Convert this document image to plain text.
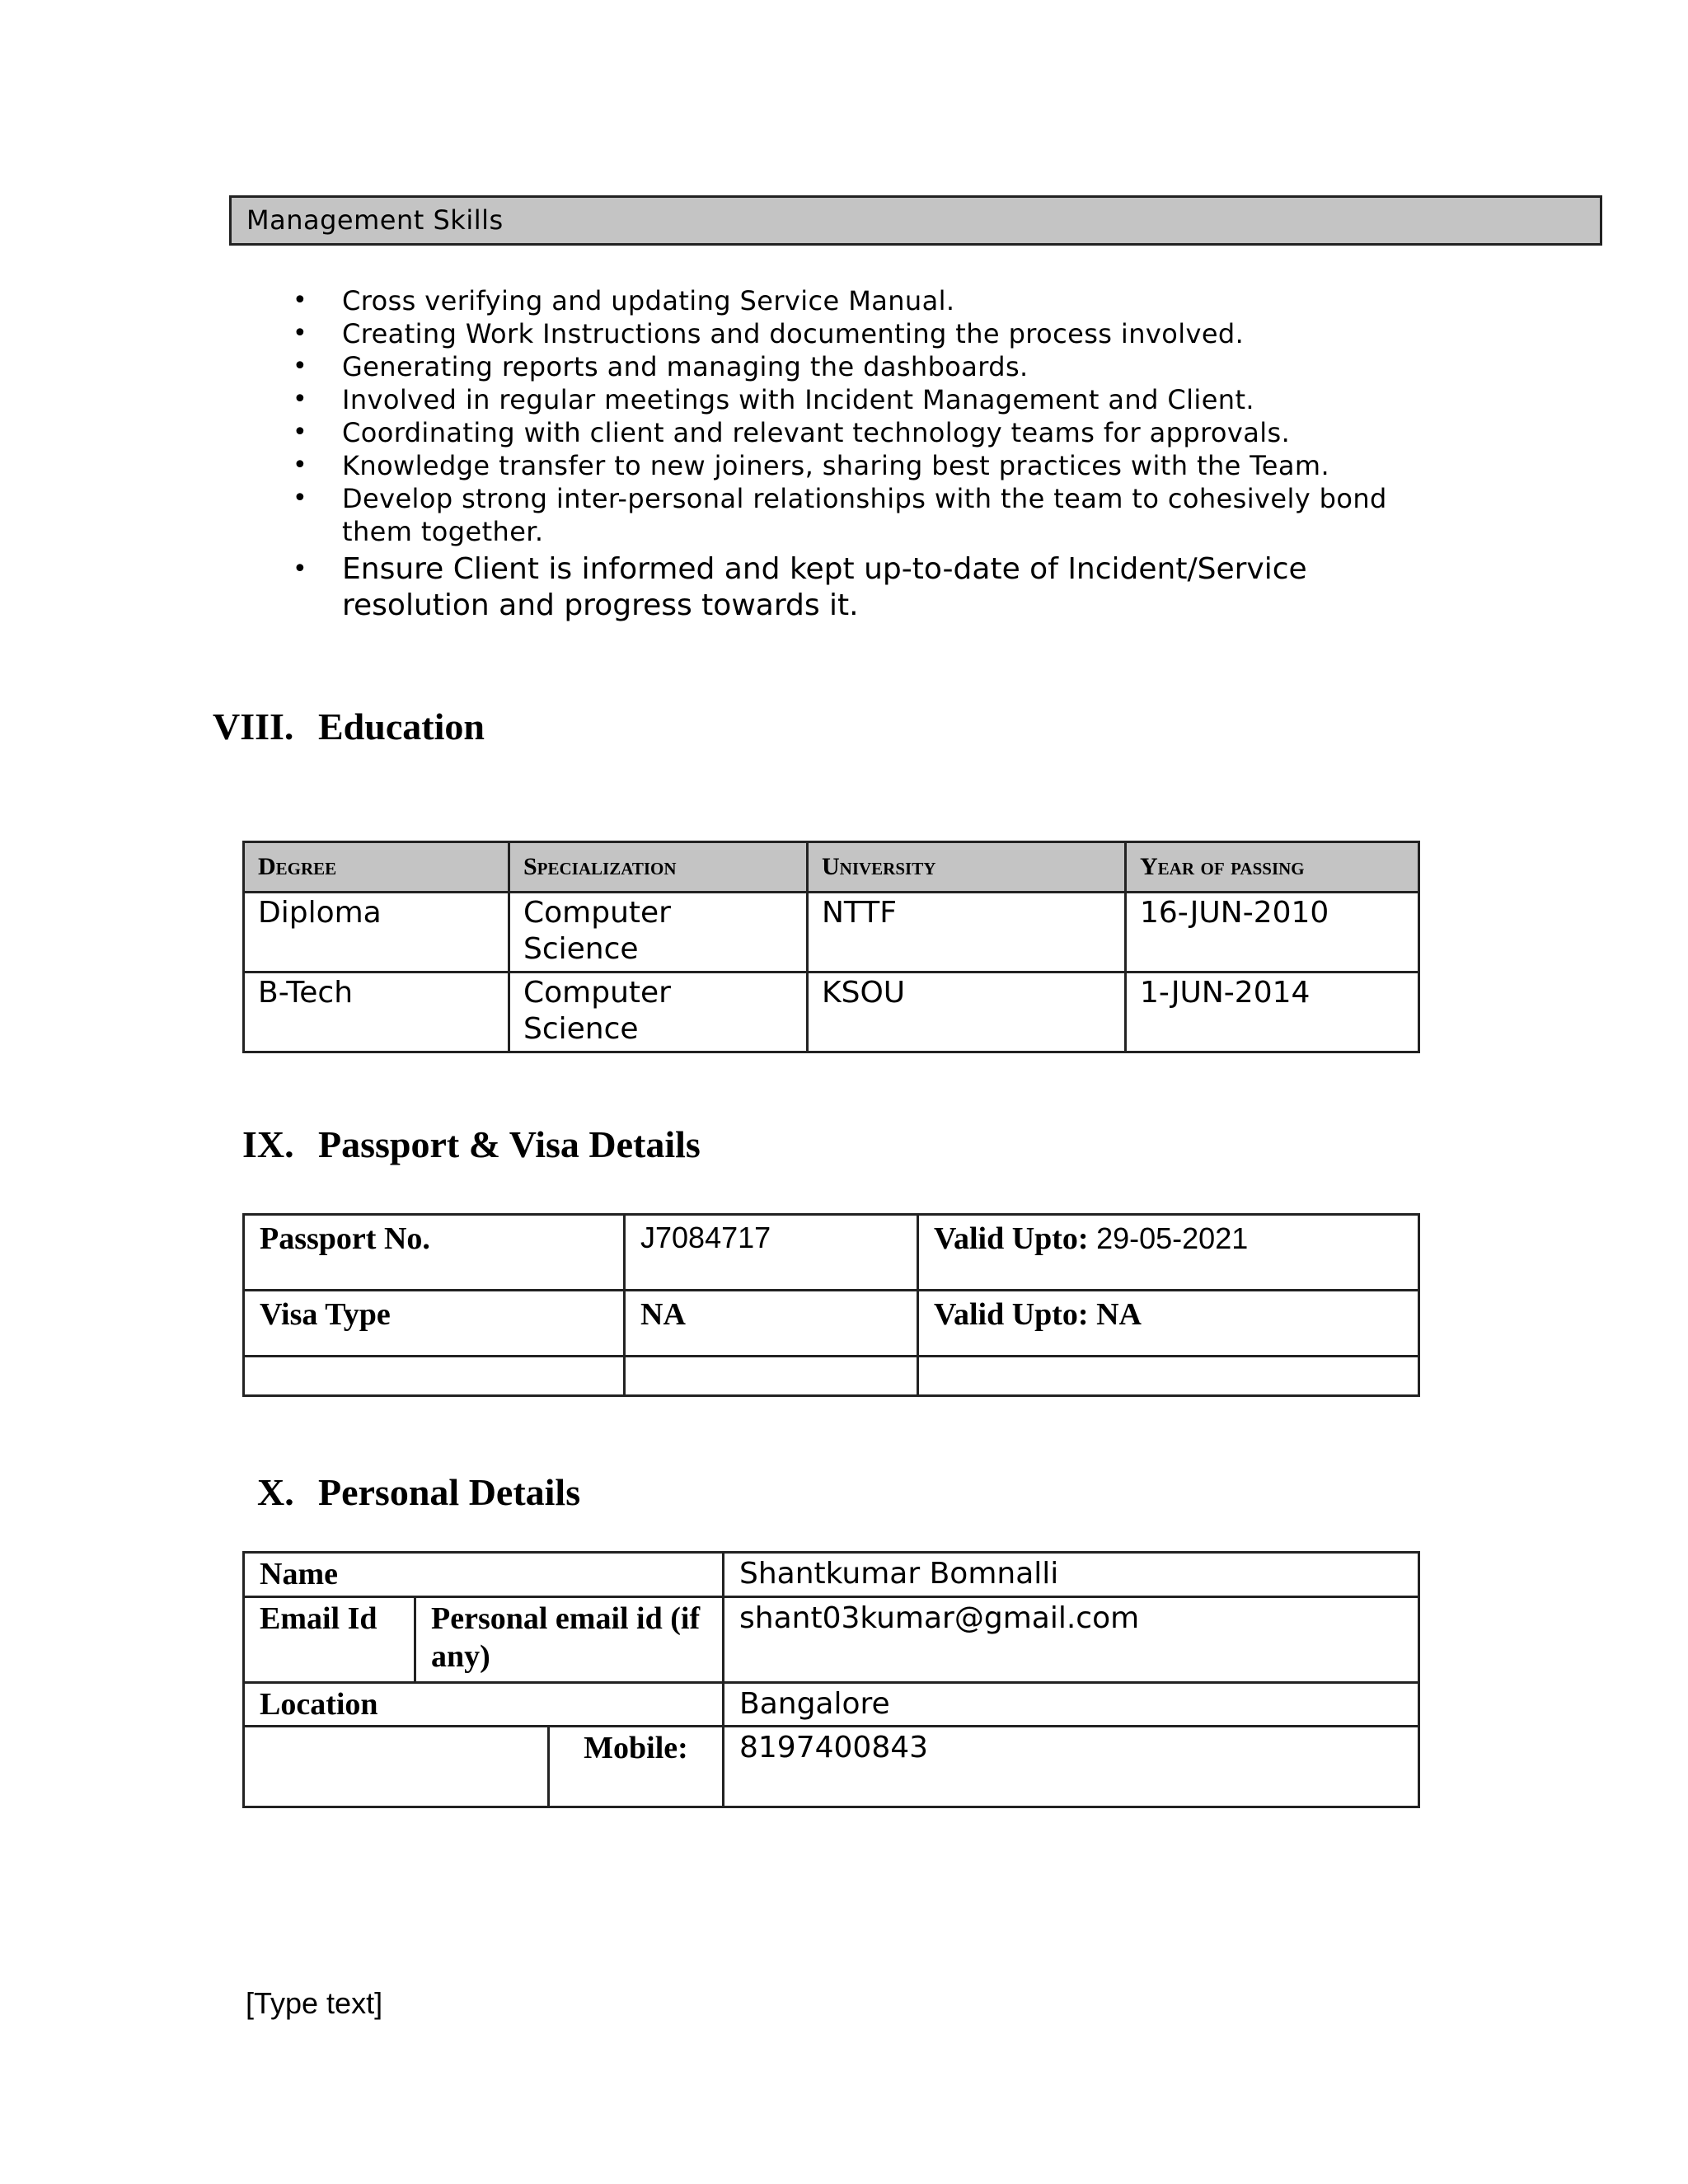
Management Skills
• Cross verifying and updating Service Manual.
• Creating Work Instructions and documenting the process involved.
• Generating reports and managing the dashboards.
• Involved in regular meetings with Incident Management and Client.
• Coordinating with client and relevant technology teams for approvals.
• Knowledge transfer to new joiners, sharing best practices with the Team.
• Develop strong inter-personal relationships with the team to cohesively bond them together.
• Ensure Client is informed and kept up-to-date of Incident/Service resolution and progress towards it.
VIII. Education
Degree	Specialization	University	Year of passing
Diploma	Computer Science	NTTF	16-JUN-2010
B-Tech	Computer Science	KSOU	1-JUN-2014
IX. Passport & Visa Details
Passport No.	J7084717	Valid Upto: 29-05-2021
Visa Type	NA	Valid Upto: NA

X. Personal Details
Name			Shantkumar Bomnalli
Email Id	Personal email id (if any)		shant03kumar@gmail.com
Location			Bangalore
		Mobile:	8197400843
[Type text]
